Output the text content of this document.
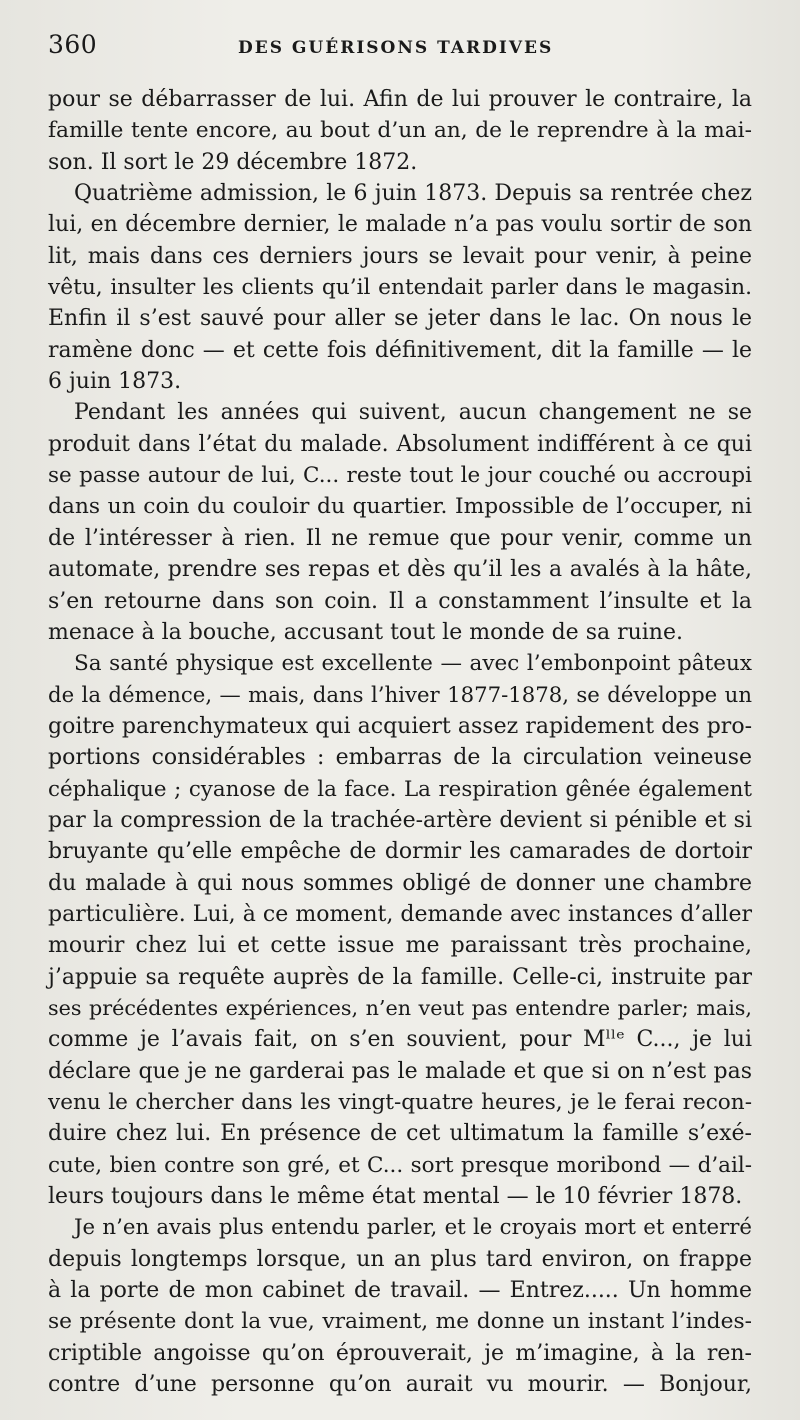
360	DES GUÉRISONS TARDIVES
pour se débarrasser de lui. Afin de lui prouver le contraire, la
famille tente encore, au bout d’un an, de le reprendre à la mai-
son. Il sort le 29 décembre 1872.
Quatrième admission, le 6 juin 1873. Depuis sa rentrée chez
lui, en décembre dernier, le malade n’a pas voulu sortir de son
lit, mais dans ces derniers jours se levait pour venir, à peine
vêtu, insulter les clients qu’il entendait parler dans le magasin.
Enfin il s’est sauvé pour aller se jeter dans le lac. On nous le
ramène donc — et cette fois définitivement, dit la famille — le
6 juin 1873.
Pendant les années qui suivent, aucun changement ne se
produit dans l’état du malade. Absolument indifférent à ce qui
se passe autour de lui, C... reste tout le jour couché ou accroupi
dans un coin du couloir du quartier. Impossible de l’occuper, ni
de l’intéresser à rien. Il ne remue que pour venir, comme un
automate, prendre ses repas et dès qu’il les a avalés à la hâte,
s’en retourne dans son coin. Il a constamment l’insulte et la
menace à la bouche, accusant tout le monde de sa ruine.
Sa santé physique est excellente — avec l’embonpoint pâteux
de la démence, — mais, dans l’hiver 1877-1878, se développe un
goitre parenchymateux qui acquiert assez rapidement des pro-
portions considérables : embarras de la circulation veineuse
céphalique ; cyanose de la face. La respiration gênée également
par la compression de la trachée-artère devient si pénible et si
bruyante qu’elle empêche de dormir les camarades de dortoir
du malade à qui nous sommes obligé de donner une chambre
particulière. Lui, à ce moment, demande avec instances d’aller
mourir chez lui et cette issue me paraissant très prochaine,
j’appuie sa requête auprès de la famille. Celle-ci, instruite par
ses précédentes expériences, n’en veut pas entendre parler; mais,
comme je l’avais fait, on s’en souvient, pour Mˡˡᵉ C..., je lui
déclare que je ne garderai pas le malade et que si on n’est pas
venu le chercher dans les vingt-quatre heures, je le ferai recon-
duire chez lui. En présence de cet ultimatum la famille s’exé-
cute, bien contre son gré, et C... sort presque moribond — d’ail-
leurs toujours dans le même état mental — le 10 février 1878.
Je n’en avais plus entendu parler, et le croyais mort et enterré
depuis longtemps lorsque, un an plus tard environ, on frappe
à la porte de mon cabinet de travail. — Entrez..... Un homme
se présente dont la vue, vraiment, me donne un instant l’indes-
criptible angoisse qu’on éprouverait, je m’imagine, à la ren-
contre d’une personne qu’on aurait vu mourir. — Bonjour,
